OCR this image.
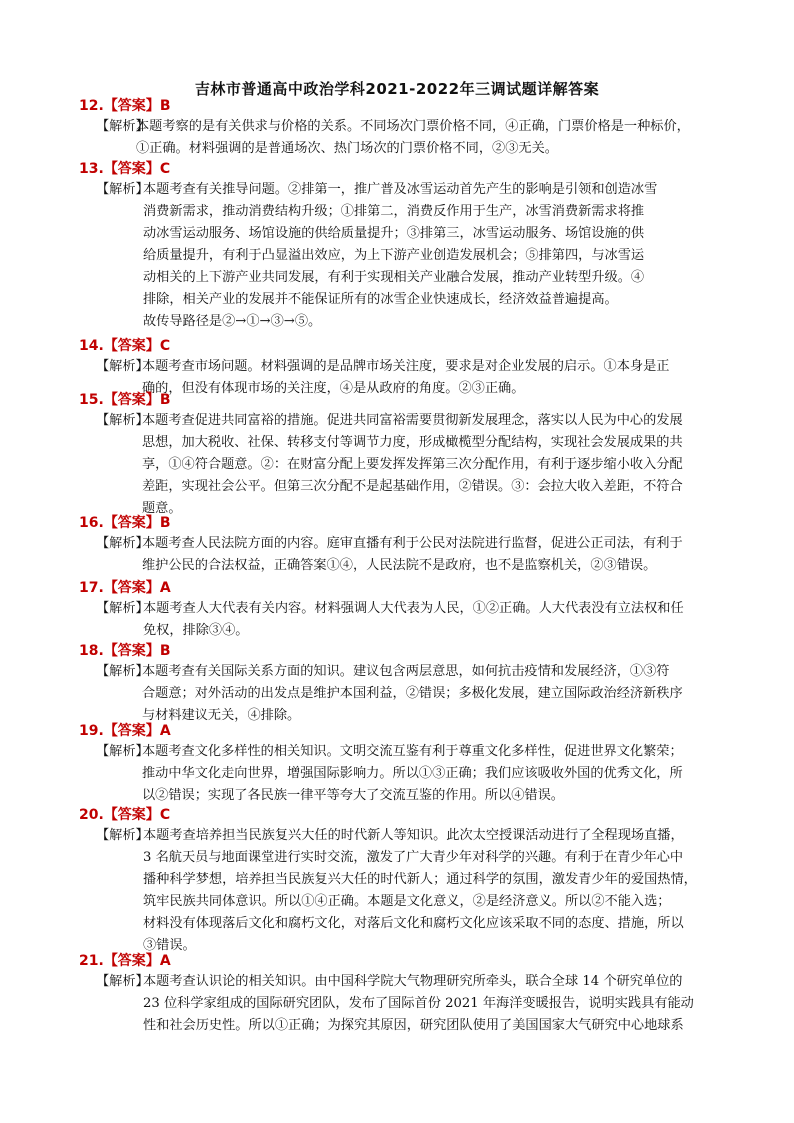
吉林市普通高中政治学科2021-2022年三调试题详解答案
12.【答案】B
【解析】
本题考察的是有关供求与价格的关系。不同场次门票价格不同，④正确，门票价格是一种标价，
①正确。材料强调的是普通场次、热门场次的门票价格不同，②③无关。
13.【答案】C
【解析】
本题考查有关推导问题。②排第一，推广普及冰雪运动首先产生的影响是引领和创造冰雪
消费新需求，推动消费结构升级；①排第二，消费反作用于生产，冰雪消费新需求将推
动冰雪运动服务、场馆设施的供给质量提升；③排第三，冰雪运动服务、场馆设施的供
给质量提升，有利于凸显溢出效应，为上下游产业创造发展机会；⑤排第四，与冰雪运
动相关的上下游产业共同发展，有利于实现相关产业融合发展，推动产业转型升级。④
排除，相关产业的发展并不能保证所有的冰雪企业快速成长，经济效益普遍提高。
故传导路径是②→①→③→⑤。
14.【答案】C
【解析】
本题考查市场问题。材料强调的是品牌市场关注度，要求是对企业发展的启示。①本身是正
确的，但没有体现市场的关注度，④是从政府的角度。②③正确。
15.【答案】B
【解析】
本题考查促进共同富裕的措施。促进共同富裕需要贯彻新发展理念，落实以人民为中心的发展
思想，加大税收、社保、转移支付等调节力度，形成橄榄型分配结构，实现社会发展成果的共
享，①④符合题意。②：在财富分配上要发挥发挥第三次分配作用，有利于逐步缩小收入分配
差距，实现社会公平。但第三次分配不是起基础作用，②错误。③：会拉大收入差距，不符合
题意。
16.【答案】B
【解析】
本题考查人民法院方面的内容。庭审直播有利于公民对法院进行监督，促进公正司法，有利于
维护公民的合法权益，正确答案①④，人民法院不是政府，也不是监察机关，②③错误。
17.【答案】A
【解析】
本题考查人大代表有关内容。材料强调人大代表为人民，①②正确。人大代表没有立法权和任
免权，排除③④。
18.【答案】B
【解析】
本题考查有关国际关系方面的知识。建议包含两层意思，如何抗击疫情和发展经济，①③符
合题意；对外活动的出发点是维护本国利益，②错误；多极化发展，建立国际政治经济新秩序
与材料建议无关，④排除。
19.【答案】A
【解析】
本题考查文化多样性的相关知识。文明交流互鉴有利于尊重文化多样性，促进世界文化繁荣；
推动中华文化走向世界，增强国际影响力。所以①③正确；我们应该吸收外国的优秀文化，所
以②错误；实现了各民族一律平等夸大了交流互鉴的作用。所以④错误。
20.【答案】C
【解析】
本题考查培养担当民族复兴大任的时代新人等知识。此次太空授课活动进行了全程现场直播，
3 名航天员与地面课堂进行实时交流，激发了广大青少年对科学的兴趣。有利于在青少年心中
播种科学梦想，培养担当民族复兴大任的时代新人；通过科学的氛围，激发青少年的爱国热情，
筑牢民族共同体意识。所以①④正确。本题是文化意义，②是经济意义。所以②不能入选；
材料没有体现落后文化和腐朽文化，对落后文化和腐朽文化应该采取不同的态度、措施，所以
③错误。
21.【答案】A
【解析】
本题考查认识论的相关知识。由中国科学院大气物理研究所牵头，联合全球 14 个研究单位的
23 位科学家组成的国际研究团队，发布了国际首份 2021 年海洋变暖报告，说明实践具有能动
性和社会历史性。所以①正确；为探究其原因，研究团队使用了美国国家大气研究中心地球系
